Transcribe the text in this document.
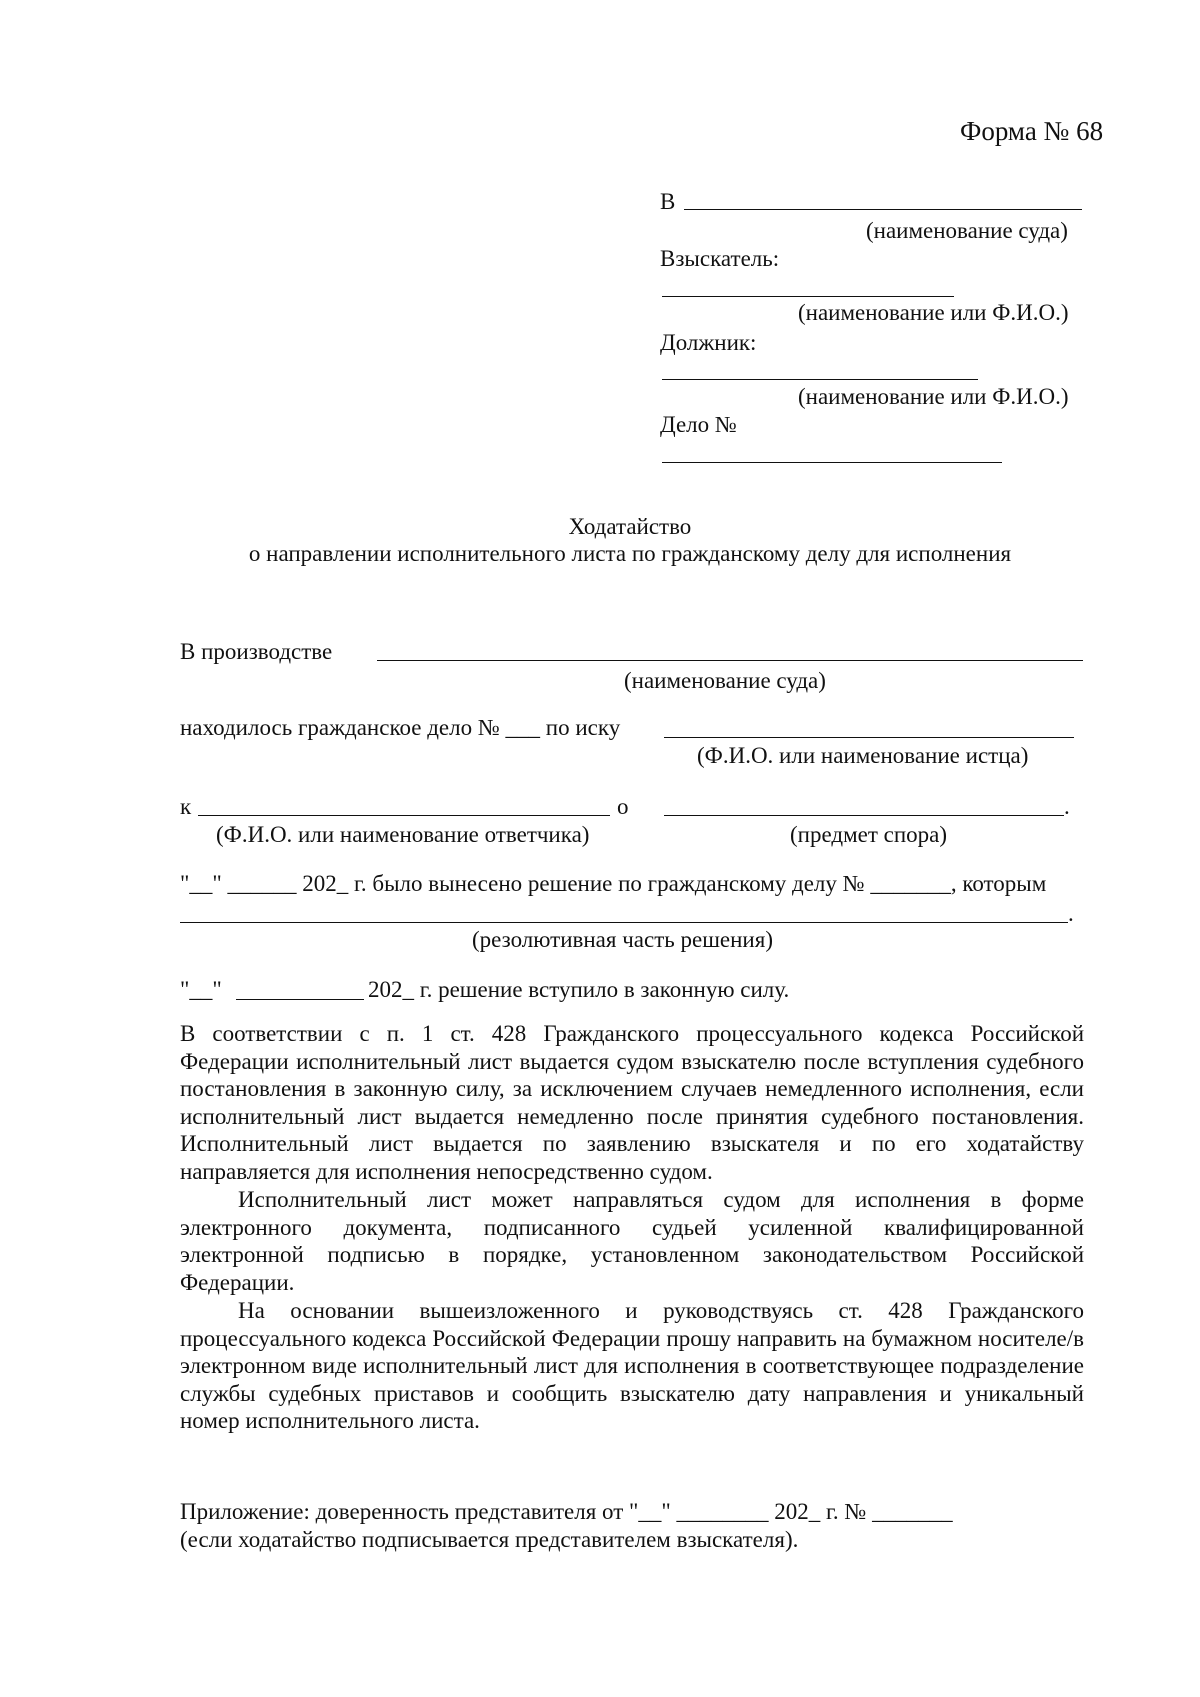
Форма № 68
В
(наименование суда)
Взыскатель:
(наименование или Ф.И.О.)
Должник:
(наименование или Ф.И.О.)
Дело №
Ходатайство
о направлении исполнительного листа по гражданскому делу для исполнения
В производстве
(наименование суда)
находилось гражданское дело № ___ по иску
(Ф.И.О. или наименование истца)
к	о	.
(Ф.И.О. или наименование ответчика)	(предмет спора)
"__" ______ 202_ г. было вынесено решение по гражданскому делу № _______, которым
.
(резолютивная часть решения)
"__"	202_ г. решение вступило в законную силу.
В соответствии с п. 1 ст. 428 Гражданского процессуального кодекса Российской Федерации исполнительный лист выдается судом взыскателю после вступления судебного постановления в законную силу, за исключением случаев немедленного исполнения, если исполнительный лист выдается немедленно после принятия судебного постановления. Исполнительный лист выдается по заявлению взыскателя и по его ходатайству направляется для исполнения непосредственно судом.
Исполнительный лист может направляться судом для исполнения в форме электронного документа, подписанного судьей усиленной квалифицированной электронной подписью в порядке, установленном законодательством Российской Федерации.
На основании вышеизложенного и руководствуясь ст. 428 Гражданского процессуального кодекса Российской Федерации прошу направить на бумажном носителе/в электронном виде исполнительный лист для исполнения в соответствующее подразделение службы судебных приставов и сообщить взыскателю дату направления и уникальный номер исполнительного листа.
Приложение: доверенность представителя от "__" ________ 202_ г. № _______
(если ходатайство подписывается представителем взыскателя).
